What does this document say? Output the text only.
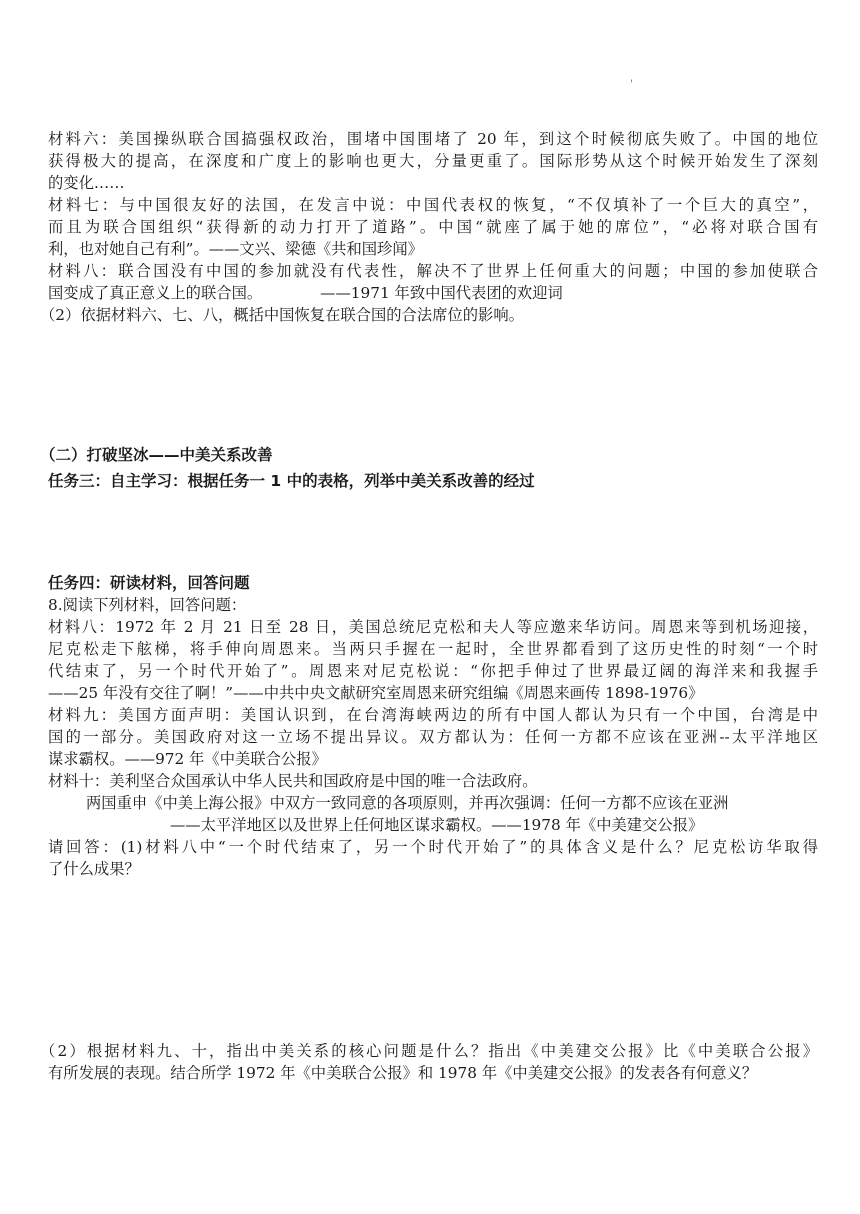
'
材料六：美国操纵联合国搞强权政治，围堵中国围堵了 20 年，到这个时候彻底失败了。中国的地位
获得极大的提高，在深度和广度上的影响也更大，分量更重了。国际形势从这个时候开始发生了深刻
的变化……
材料七：与中国很友好的法国，在发言中说：中国代表权的恢复，“不仅填补了一个巨大的真空”，
而且为联合国组织“获得新的动力打开了道路”。中国“就座了属于她的席位”，“必将对联合国有
利，也对她自己有利”。——文兴、梁德《共和国珍闻》
材料八：联合国没有中国的参加就没有代表性，解决不了世界上任何重大的问题；中国的参加使联合
国变成了真正意义上的联合国。	——1971 年致中国代表团的欢迎词
（2）依据材料六、七、八，概括中国恢复在联合国的合法席位的影响。
（二）打破坚冰——中美关系改善
任务三：自主学习：根据任务一 1 中的表格，列举中美关系改善的经过
任务四：研读材料，回答问题
8.阅读下列材料，回答问题：
材料八：1972 年 2 月 21 日至 28 日，美国总统尼克松和夫人等应邀来华访问。周恩来等到机场迎接，
尼克松走下舷梯，将手伸向周恩来。当两只手握在一起时，全世界都看到了这历史性的时刻“一个时
代结束了，另一个时代开始了”。周恩来对尼克松说：“你把手伸过了世界最辽阔的海洋来和我握手
——25 年没有交往了啊！”——中共中央文献研究室周恩来研究组编《周恩来画传 1898-1976》
材料九：美国方面声明：美国认识到，在台湾海峡两边的所有中国人都认为只有一个中国，台湾是中
国的一部分。美国政府对这一立场不提出异议。双方都认为：任何一方都不应该在亚洲--太平洋地区
谋求霸权。——972 年《中美联合公报》
材料十：美利坚合众国承认中华人民共和国政府是中国的唯一合法政府。
两国重申《中美上海公报》中双方一致同意的各项原则，并再次强调：任何一方都不应该在亚洲
——太平洋地区以及世界上任何地区谋求霸权。——1978 年《中美建交公报》
请回答：(1)材料八中“一个时代结束了，另一个时代开始了”的具体含义是什么？尼克松访华取得
了什么成果？
（2）根据材料九、十，指出中美关系的核心问题是什么？指出《中美建交公报》比《中美联合公报》
有所发展的表现。结合所学 1972 年《中美联合公报》和 1978 年《中美建交公报》的发表各有何意义？
